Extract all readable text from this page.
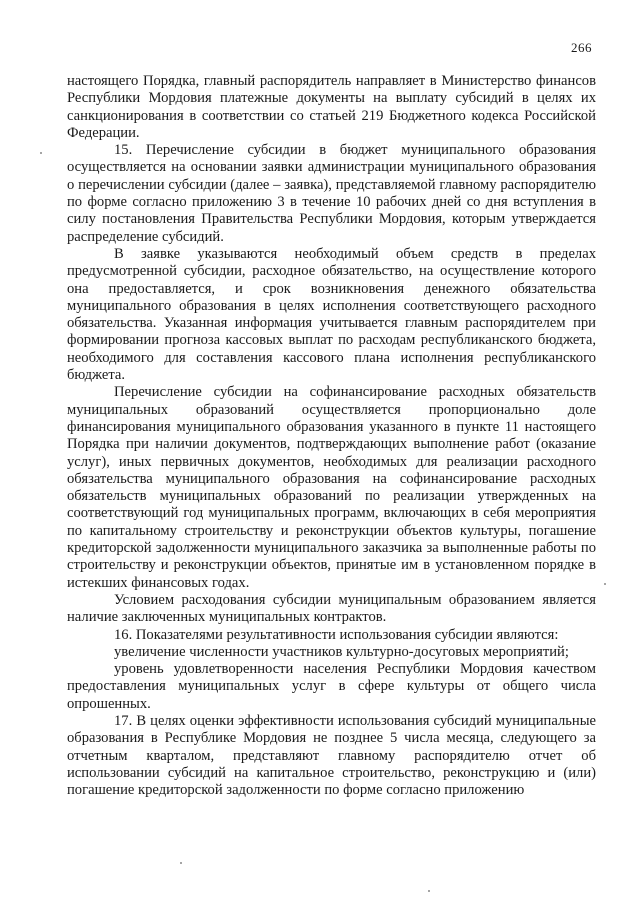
266

настоящего Порядка, главный распорядитель направляет в Министерство финансов Республики Мордовия платежные документы на выплату субсидий в целях их санкционирования в соответствии со статьей 219 Бюджетного кодекса Российской Федерации.

15. Перечисление субсидии в бюджет муниципального образования осуществляется на основании заявки администрации муниципального образования о перечислении субсидии (далее – заявка), представляемой главному распорядителю по форме согласно приложению 3 в течение 10 рабочих дней со дня вступления в силу постановления Правительства Республики Мордовия, которым утверждается распределение субсидий.

В заявке указываются необходимый объем средств в пределах предусмотренной субсидии, расходное обязательство, на осуществление которого она предоставляется, и срок возникновения денежного обязательства муниципального образования в целях исполнения соответствующего расходного обязательства. Указанная информация учитывается главным распорядителем при формировании прогноза кассовых выплат по расходам республиканского бюджета, необходимого для составления кассового плана исполнения республиканского бюджета.

Перечисление субсидии на софинансирование расходных обязательств муниципальных образований осуществляется пропорционально доле финансирования муниципального образования указанного в пункте 11 настоящего Порядка при наличии документов, подтверждающих выполнение работ (оказание услуг), иных первичных документов, необходимых для реализации расходного обязательства муниципального образования на софинансирование расходных обязательств муниципальных образований по реализации утвержденных на соответствующий год муниципальных программ, включающих в себя мероприятия по капитальному строительству и реконструкции объектов культуры, погашение кредиторской задолженности муниципального заказчика за выполненные работы по строительству и реконструкции объектов, принятые им в установленном порядке в истекших финансовых годах.

Условием расходования субсидии муниципальным образованием является наличие заключенных муниципальных контрактов.

16. Показателями результативности использования субсидии являются:

увеличение численности участников культурно-досуговых мероприятий;

уровень удовлетворенности населения Республики Мордовия качеством предоставления муниципальных услуг в сфере культуры от общего числа опрошенных.

17. В целях оценки эффективности использования субсидий муниципальные образования в Республике Мордовия не позднее 5 числа месяца, следующего за отчетным кварталом, представляют главному распорядителю отчет об использовании субсидий на капитальное строительство, реконструкцию и (или) погашение кредиторской задолженности по форме согласно приложению
